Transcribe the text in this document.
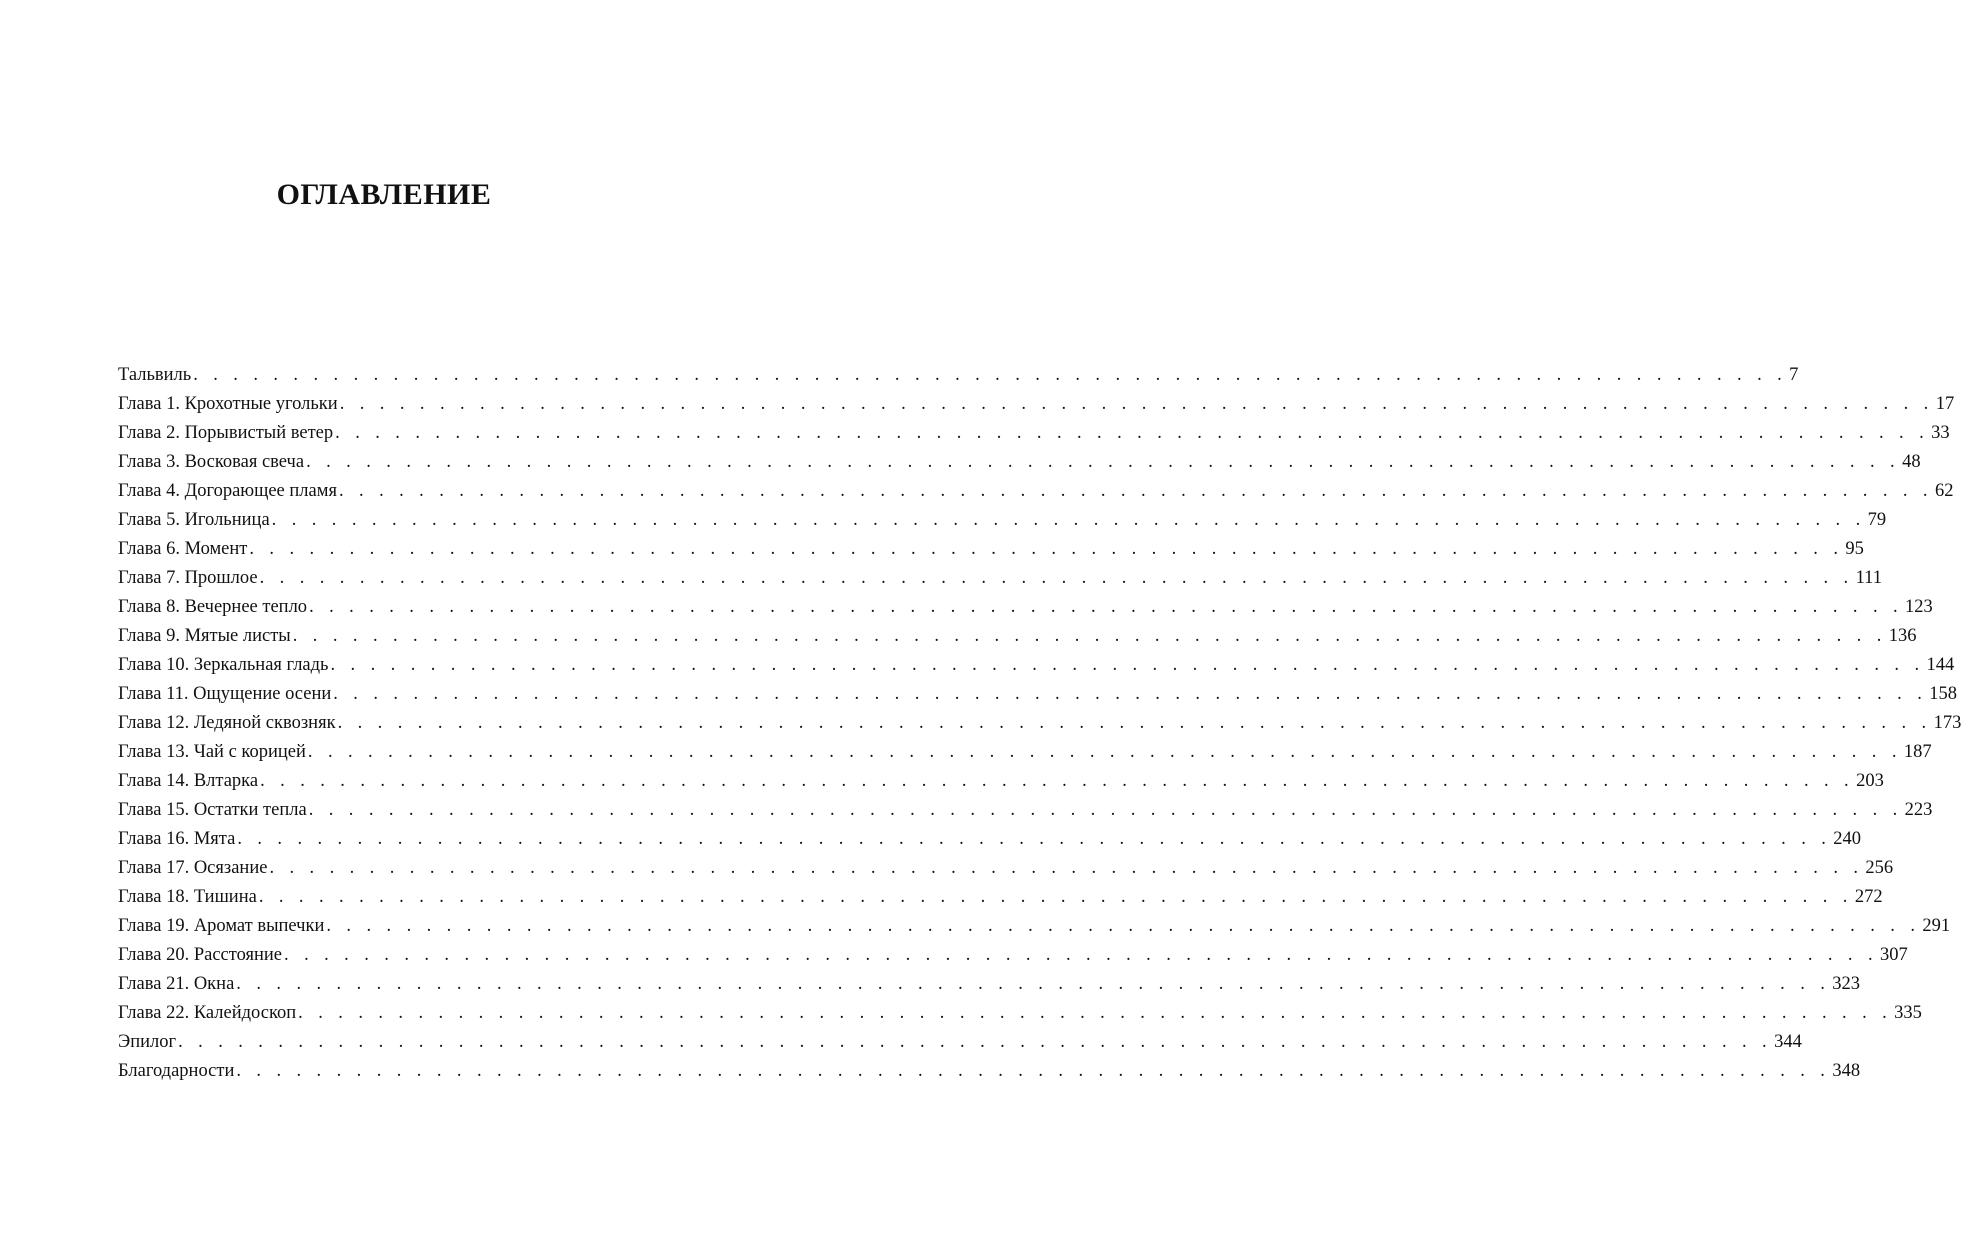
ОГЛАВЛЕНИЕ
Тальвиль . . . . . . . . . . . . . . . . . . . . . . . . . . . . . . . . . . . . . . . . . . . . . . . . . . . . . . . . . . . . . . . . . . . . . . . . . . . . . . . . 7
Глава 1. Крохотные угольки . . . . . . . . . . . . . . . . . . . . . . . . . . . . . . . . . . . . . . . . . . . . . . . . . . . . . . . . . . . . . . . . . . . . . . . . . . . . . . . . 17
Глава 2. Порывистый ветер . . . . . . . . . . . . . . . . . . . . . . . . . . . . . . . . . . . . . . . . . . . . . . . . . . . . . . . . . . . . . . . . . . . . . . . . . . . . . . . . 33
Глава 3. Восковая свеча . . . . . . . . . . . . . . . . . . . . . . . . . . . . . . . . . . . . . . . . . . . . . . . . . . . . . . . . . . . . . . . . . . . . . . . . . . . . . . . . 48
Глава 4. Догорающее пламя . . . . . . . . . . . . . . . . . . . . . . . . . . . . . . . . . . . . . . . . . . . . . . . . . . . . . . . . . . . . . . . . . . . . . . . . . . . . . . . . 62
Глава 5. Игольница . . . . . . . . . . . . . . . . . . . . . . . . . . . . . . . . . . . . . . . . . . . . . . . . . . . . . . . . . . . . . . . . . . . . . . . . . . . . . . . . 79
Глава 6. Момент . . . . . . . . . . . . . . . . . . . . . . . . . . . . . . . . . . . . . . . . . . . . . . . . . . . . . . . . . . . . . . . . . . . . . . . . . . . . . . . . 95
Глава 7. Прошлое . . . . . . . . . . . . . . . . . . . . . . . . . . . . . . . . . . . . . . . . . . . . . . . . . . . . . . . . . . . . . . . . . . . . . . . . . . . . . . . . 111
Глава 8. Вечернее тепло . . . . . . . . . . . . . . . . . . . . . . . . . . . . . . . . . . . . . . . . . . . . . . . . . . . . . . . . . . . . . . . . . . . . . . . . . . . . . . . . 123
Глава 9. Мятые листы . . . . . . . . . . . . . . . . . . . . . . . . . . . . . . . . . . . . . . . . . . . . . . . . . . . . . . . . . . . . . . . . . . . . . . . . . . . . . . . . 136
Глава 10. Зеркальная гладь . . . . . . . . . . . . . . . . . . . . . . . . . . . . . . . . . . . . . . . . . . . . . . . . . . . . . . . . . . . . . . . . . . . . . . . . . . . . . . . . 144
Глава 11. Ощущение осени . . . . . . . . . . . . . . . . . . . . . . . . . . . . . . . . . . . . . . . . . . . . . . . . . . . . . . . . . . . . . . . . . . . . . . . . . . . . . . . . 158
Глава 12. Ледяной сквозняк . . . . . . . . . . . . . . . . . . . . . . . . . . . . . . . . . . . . . . . . . . . . . . . . . . . . . . . . . . . . . . . . . . . . . . . . . . . . . . . . 173
Глава 13. Чай с корицей . . . . . . . . . . . . . . . . . . . . . . . . . . . . . . . . . . . . . . . . . . . . . . . . . . . . . . . . . . . . . . . . . . . . . . . . . . . . . . . . 187
Глава 14. Влтарка . . . . . . . . . . . . . . . . . . . . . . . . . . . . . . . . . . . . . . . . . . . . . . . . . . . . . . . . . . . . . . . . . . . . . . . . . . . . . . . . 203
Глава 15. Остатки тепла . . . . . . . . . . . . . . . . . . . . . . . . . . . . . . . . . . . . . . . . . . . . . . . . . . . . . . . . . . . . . . . . . . . . . . . . . . . . . . . . 223
Глава 16. Мята . . . . . . . . . . . . . . . . . . . . . . . . . . . . . . . . . . . . . . . . . . . . . . . . . . . . . . . . . . . . . . . . . . . . . . . . . . . . . . . . 240
Глава 17. Осязание . . . . . . . . . . . . . . . . . . . . . . . . . . . . . . . . . . . . . . . . . . . . . . . . . . . . . . . . . . . . . . . . . . . . . . . . . . . . . . . . 256
Глава 18. Тишина . . . . . . . . . . . . . . . . . . . . . . . . . . . . . . . . . . . . . . . . . . . . . . . . . . . . . . . . . . . . . . . . . . . . . . . . . . . . . . . . 272
Глава 19. Аромат выпечки . . . . . . . . . . . . . . . . . . . . . . . . . . . . . . . . . . . . . . . . . . . . . . . . . . . . . . . . . . . . . . . . . . . . . . . . . . . . . . . . 291
Глава 20. Расстояние . . . . . . . . . . . . . . . . . . . . . . . . . . . . . . . . . . . . . . . . . . . . . . . . . . . . . . . . . . . . . . . . . . . . . . . . . . . . . . . . 307
Глава 21. Окна . . . . . . . . . . . . . . . . . . . . . . . . . . . . . . . . . . . . . . . . . . . . . . . . . . . . . . . . . . . . . . . . . . . . . . . . . . . . . . . . 323
Глава 22. Калейдоскоп . . . . . . . . . . . . . . . . . . . . . . . . . . . . . . . . . . . . . . . . . . . . . . . . . . . . . . . . . . . . . . . . . . . . . . . . . . . . . . . . 335
Эпилог . . . . . . . . . . . . . . . . . . . . . . . . . . . . . . . . . . . . . . . . . . . . . . . . . . . . . . . . . . . . . . . . . . . . . . . . . . . . . . . . 344
Благодарности . . . . . . . . . . . . . . . . . . . . . . . . . . . . . . . . . . . . . . . . . . . . . . . . . . . . . . . . . . . . . . . . . . . . . . . . . . . . . . . . 348
